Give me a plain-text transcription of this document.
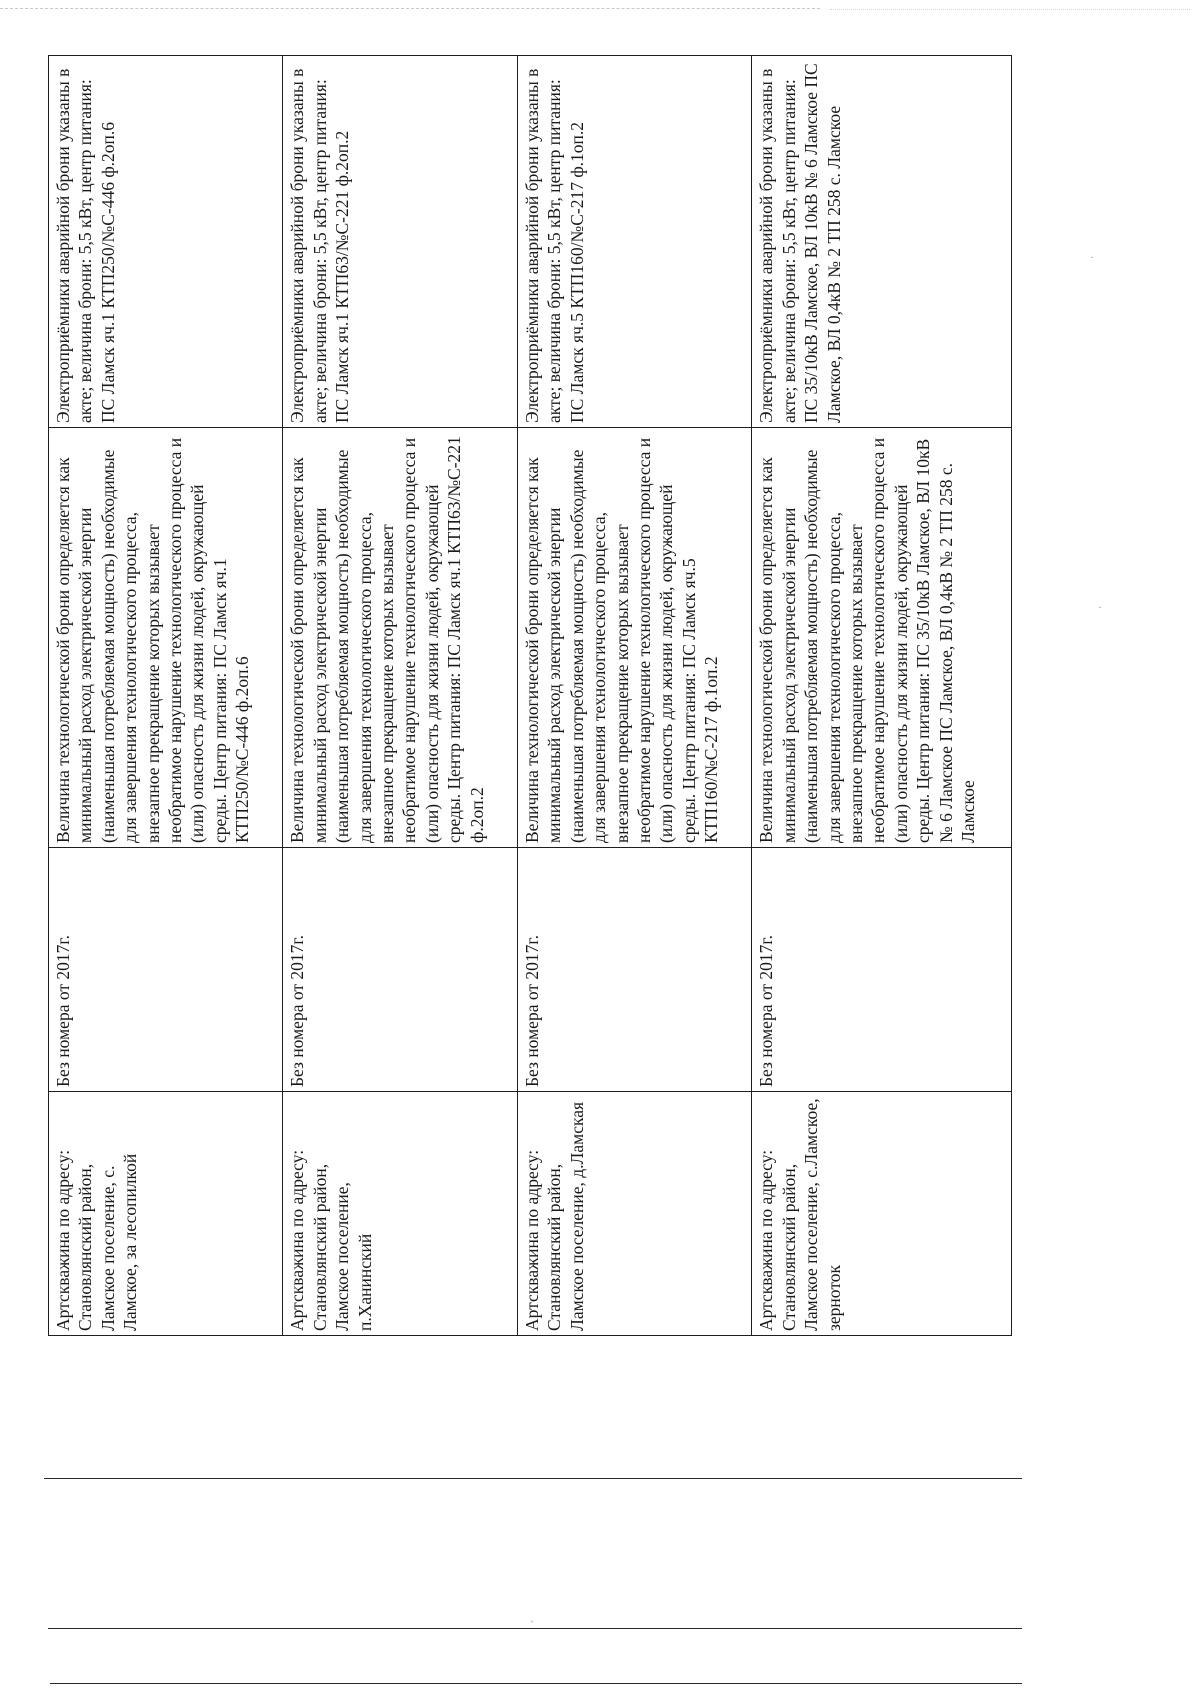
Артскважина по адресу: Становлянский район, Ламское поселение, с. Ламское, за лесопилкой	Без номера от 2017г.	Величина технологической брони определяется как минимальный расход электрической энергии (наименьшая потребляемая мощность) необходимые для завершения технологического процесса, внезапное прекращение которых вызывает необратимое нарушение технологического процесса и (или) опасность для жизни людей, окружающей среды. Центр питания: ПС Ламск яч.1 КТП250/№С-446 ф.2оп.6	Электроприёмники аварийной брони указаны в акте; величина брони: 5,5 кВт, центр питания: ПС Ламск яч.1 КТП250/№С-446 ф.2оп.6
Артскважина по адресу: Становлянский район, Ламское поселение, п.Ханинский	Без номера от 2017г.	Величина технологической брони определяется как минимальный расход электрической энергии (наименьшая потребляемая мощность) необходимые для завершения технологического процесса, внезапное прекращение которых вызывает необратимое нарушение технологического процесса и (или) опасность для жизни людей, окружающей среды. Центр питания: ПС Ламск яч.1 КТП63/№С-221 ф.2оп.2	Электроприёмники аварийной брони указаны в акте; величина брони: 5,5 кВт, центр питания: ПС Ламск яч.1 КТП63/№С-221 ф.2оп.2
Артскважина по адресу: Становлянский район, Ламское поселение, д.Ламская	Без номера от 2017г.	Величина технологической брони определяется как минимальный расход электрической энергии (наименьшая потребляемая мощность) необходимые для завершения технологического процесса, внезапное прекращение которых вызывает необратимое нарушение технологического процесса и (или) опасность для жизни людей, окружающей среды. Центр питания: ПС Ламск яч.5 КТП160/№С-217 ф.1оп.2	Электроприёмники аварийной брони указаны в акте; величина брони: 5,5 кВт, центр питания: ПС Ламск яч.5 КТП160/№С-217 ф.1оп.2
Артскважина по адресу: Становлянский район, Ламское поселение, с.Ламское, зерноток	Без номера от 2017г.	Величина технологической брони определяется как минимальный расход электрической энергии (наименьшая потребляемая мощность) необходимые для завершения технологического процесса, внезапное прекращение которых вызывает необратимое нарушение технологического процесса и (или) опасность для жизни людей, окружающей среды. Центр питания: ПС 35/10кВ Ламское, ВЛ 10кВ № 6 Ламское ПС Ламское, ВЛ 0,4кВ № 2 ТП 258 с. Ламское	Электроприёмники аварийной брони указаны в акте; величина брони: 5,5 кВт, центр питания: ПС 35/10кВ Ламское, ВЛ 10кВ № 6 Ламское ПС Ламское, ВЛ 0,4кВ № 2 ТП 258 с. Ламское	·
·
`
